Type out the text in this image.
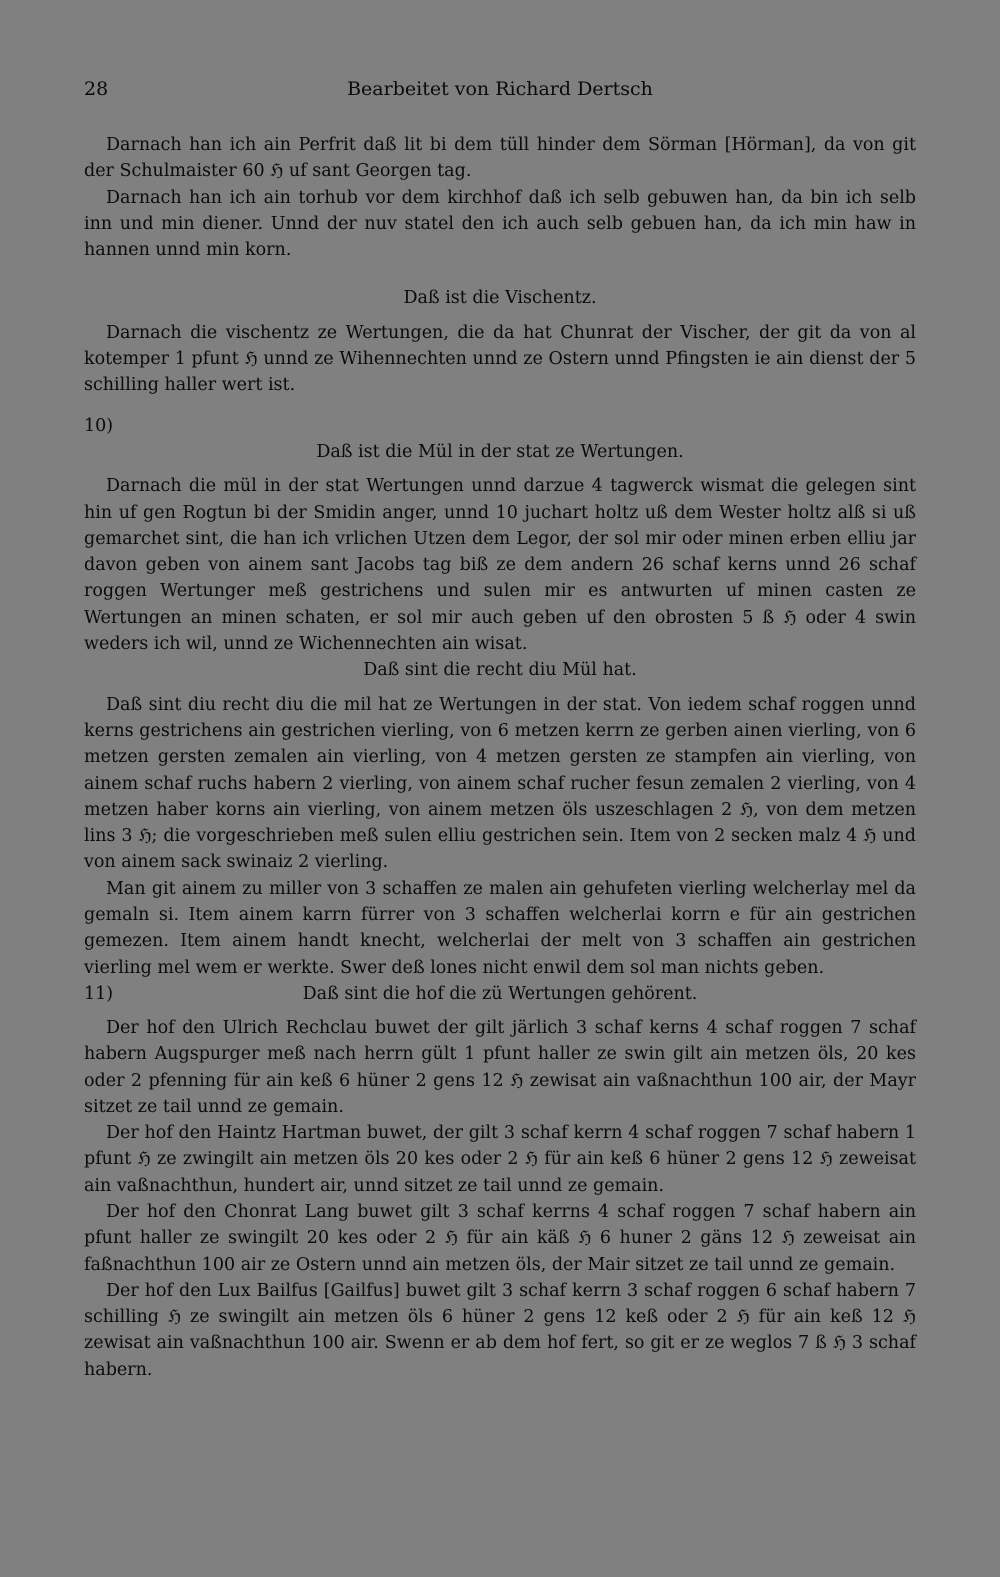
28	Bearbeitet von Richard Dertsch

Darnach han ich ain Perfrit daß lit bi dem tüll hinder dem Sörman [Hörman], da von git der Schulmaister 60 ℌ uf sant Georgen tag.

Darnach han ich ain torhub vor dem kirchhof daß ich selb gebuwen han, da bin ich selb inn und min diener. Unnd der nuv statel den ich auch selb gebuen han, da ich min haw in hannen unnd min korn.

Daß ist die Vischentz.

Darnach die vischentz ze Wertungen, die da hat Chunrat der Vischer, der git da von al kotemper 1 pfunt ℌ unnd ze Wihennechten unnd ze Ostern unnd Pfingsten ie ain dienst der 5 schilling haller wert ist.

10)
Daß ist die Mül in der stat ze Wertungen.

Darnach die mül in der stat Wertungen unnd darzue 4 tagwerck wismat die gelegen sint hin uf gen Rogtun bi der Smidin anger, unnd 10 juchart holtz uß dem Wester holtz alß si uß gemarchet sint, die han ich vrlichen Utzen dem Legor, der sol mir oder minen erben elliu jar davon geben von ainem sant Jacobs tag biß ze dem andern 26 schaf kerns unnd 26 schaf roggen Wertunger meß gestrichens und sulen mir es antwurten uf minen casten ze Wertungen an minen schaten, er sol mir auch geben uf den obrosten 5 ß ℌ oder 4 swin weders ich wil, unnd ze Wichennechten ain wisat.

Daß sint die recht diu Mül hat.

Daß sint diu recht diu die mil hat ze Wertungen in der stat. Von iedem schaf roggen unnd kerns gestrichens ain gestrichen vierling, von 6 metzen kerrn ze gerben ainen vierling, von 6 metzen gersten zemalen ain vierling, von 4 metzen gersten ze stampfen ain vierling, von ainem schaf ruchs habern 2 vierling, von ainem schaf rucher fesun zemalen 2 vierling, von 4 metzen haber korns ain vierling, von ainem metzen öls uszeschlagen 2 ℌ, von dem metzen lins 3 ℌ; die vorgeschrieben meß sulen elliu gestrichen sein. Item von 2 secken malz 4 ℌ und von ainem sack swinaiz 2 vierling.

Man git ainem zu miller von 3 schaffen ze malen ain gehufeten vierling welcherlay mel da gemaln si. Item ainem karrn fürrer von 3 schaffen welcherlai korrn e für ain gestrichen gemezen. Item ainem handt knecht, welcherlai der melt von 3 schaffen ain gestrichen vierling mel wem er werkte. Swer deß lones nicht enwil dem sol man nichts geben.

11)	Daß sint die hof die zü Wertungen gehörent.

Der hof den Ulrich Rechclau buwet der gilt järlich 3 schaf kerns 4 schaf roggen 7 schaf habern Augspurger meß nach herrn gült 1 pfunt haller ze swin gilt ain metzen öls, 20 kes oder 2 pfenning für ain keß 6 hüner 2 gens 12 ℌ zewisat ain vaßnachthun 100 air, der Mayr sitzet ze tail unnd ze gemain.

Der hof den Haintz Hartman buwet, der gilt 3 schaf kerrn 4 schaf roggen 7 schaf habern 1 pfunt ℌ ze zwingilt ain metzen öls 20 kes oder 2 ℌ für ain keß 6 hüner 2 gens 12 ℌ zeweisat ain vaßnachthun, hundert air, unnd sitzet ze tail unnd ze gemain.

Der hof den Chonrat Lang buwet gilt 3 schaf kerrns 4 schaf roggen 7 schaf habern ain pfunt haller ze swingilt 20 kes oder 2 ℌ für ain käß ℌ 6 huner 2 gäns 12 ℌ zeweisat ain faßnachthun 100 air ze Ostern unnd ain metzen öls, der Mair sitzet ze tail unnd ze gemain.

Der hof den Lux Bailfus [Gailfus] buwet gilt 3 schaf kerrn 3 schaf roggen 6 schaf habern 7 schilling ℌ ze swingilt ain metzen öls 6 hüner 2 gens 12 keß oder 2 ℌ für ain keß 12 ℌ zewisat ain vaßnachthun 100 air. Swenn er ab dem hof fert, so git er ze weglos 7 ß ℌ 3 schaf habern.
